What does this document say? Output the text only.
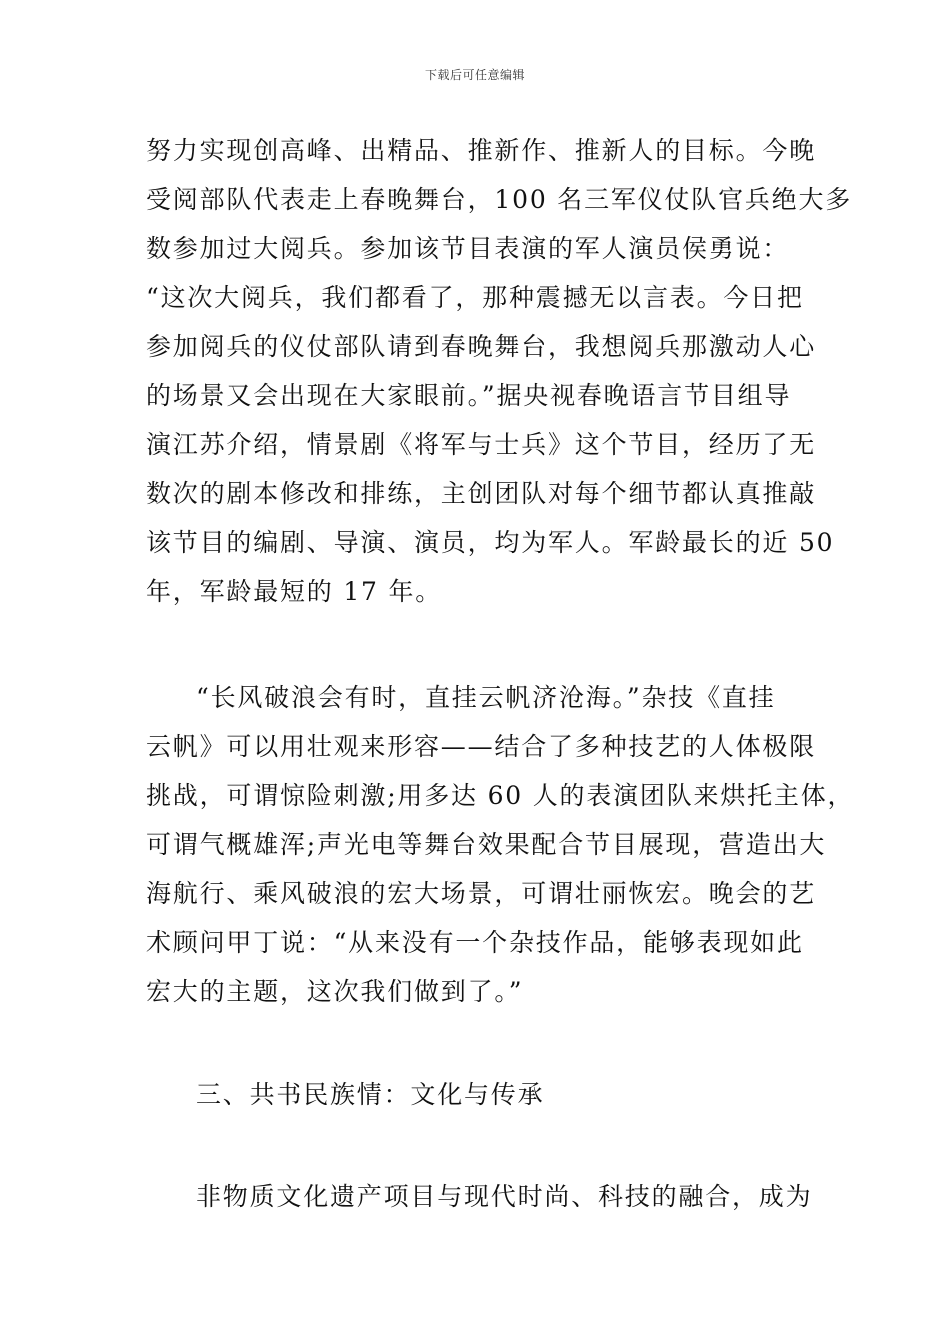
下载后可任意编辑
努力实现创高峰、出精品、推新作、推新人的目标。今晚
受阅部队代表走上春晚舞台，100 名三军仪仗队官兵绝大多
数参加过大阅兵。参加该节目表演的军人演员侯勇说：
“这次大阅兵，我们都看了，那种震撼无以言表。今日把
参加阅兵的仪仗部队请到春晚舞台，我想阅兵那激动人心
的场景又会出现在大家眼前。”据央视春晚语言节目组导
演江苏介绍，情景剧《将军与士兵》这个节目，经历了无
数次的剧本修改和排练，主创团队对每个细节都认真推敲
该节目的编剧、导演、演员，均为军人。军龄最长的近 50
年，军龄最短的 17 年。
“长风破浪会有时，直挂云帆济沧海。”杂技《直挂
云帆》可以用壮观来形容——结合了多种技艺的人体极限
挑战，可谓惊险刺激;用多达 60 人的表演团队来烘托主体，
可谓气概雄浑;声光电等舞台效果配合节目展现，营造出大
海航行、乘风破浪的宏大场景，可谓壮丽恢宏。晚会的艺
术顾问甲丁说：“从来没有一个杂技作品，能够表现如此
宏大的主题，这次我们做到了。”
三、共书民族情：文化与传承
非物质文化遗产项目与现代时尚、科技的融合，成为
